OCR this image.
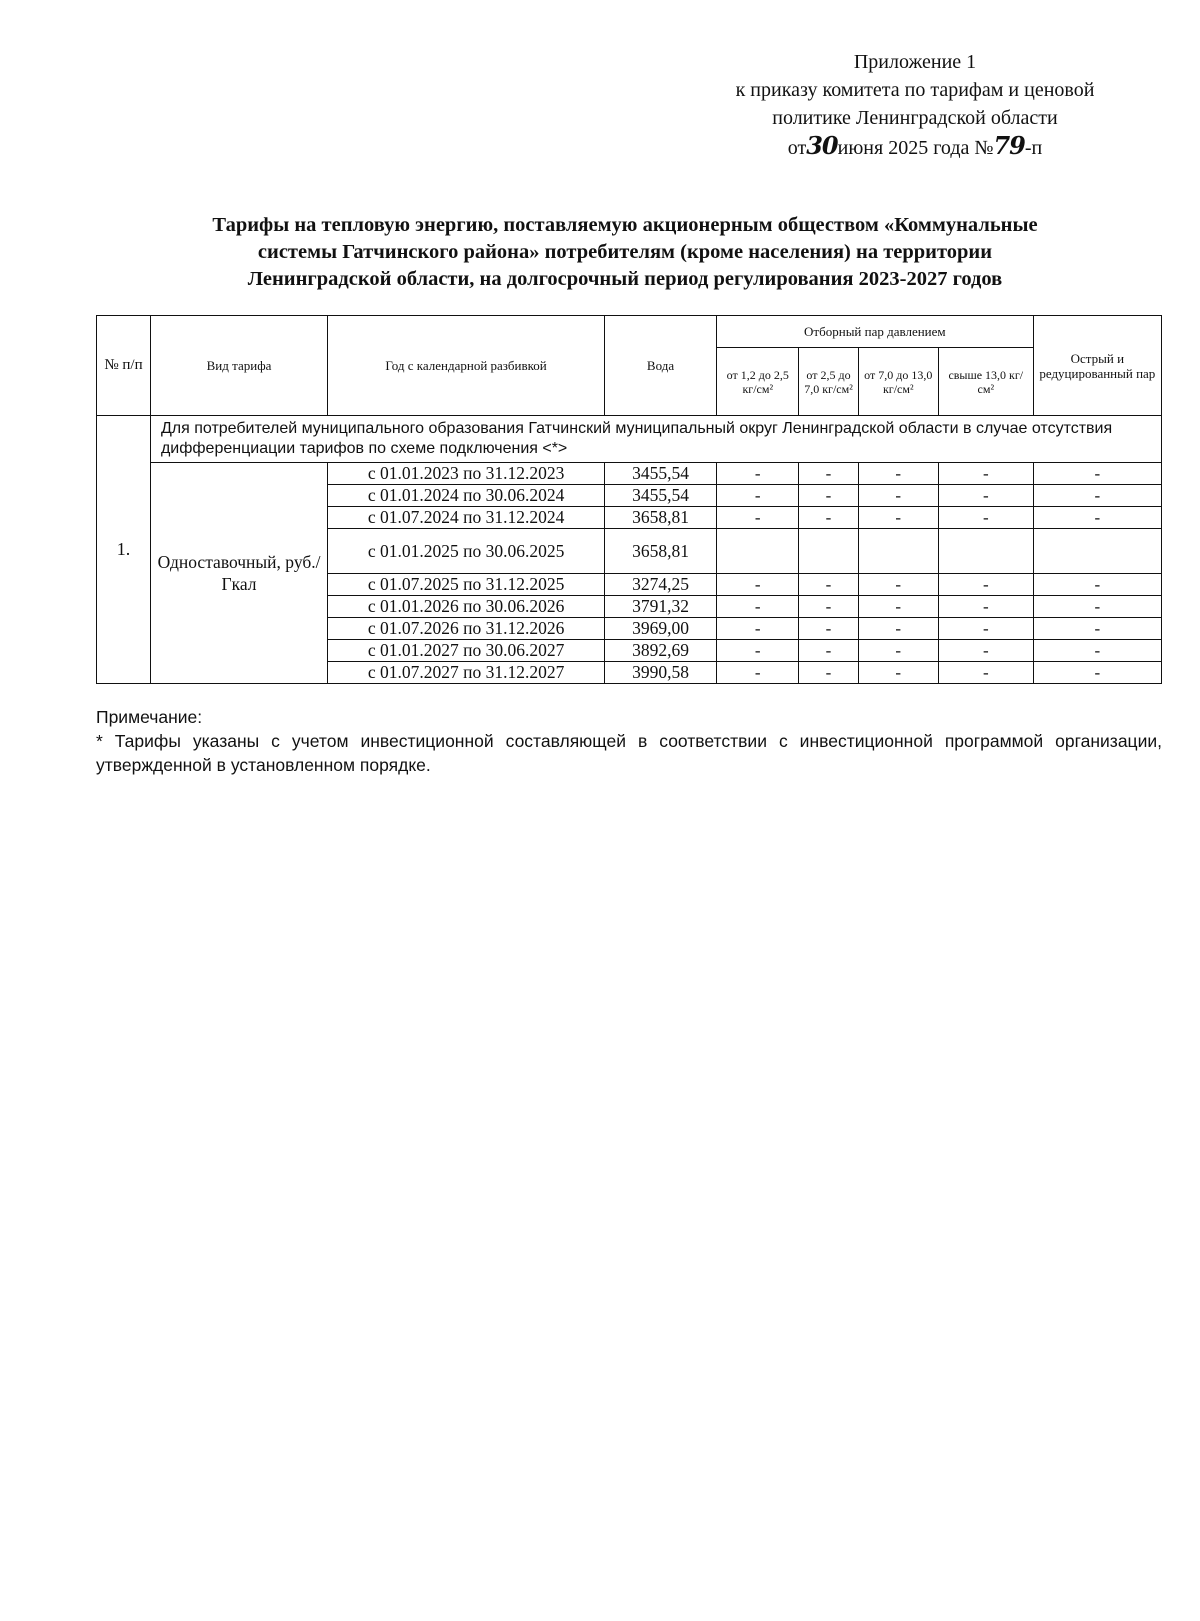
Приложение 1
к приказу комитета по тарифам и ценовой
политике Ленинградской области
от30июня 2025 года №79-п
Тарифы на тепловую энергию, поставляемую акционерным обществом «Коммунальные
системы Гатчинского района» потребителям (кроме населения) на территории
Ленинградской области, на долгосрочный период регулирования 2023-2027 годов
№ п/п	Вид тарифа	Год с календарной разбивкой	Вода	Отборный пар давлением				Острый и редуцированный пар
				от 1,2 до 2,5 кг/см²	от 2,5 до 7,0 кг/см²	от 7,0 до 13,0 кг/см²	свыше 13,0 кг/см²	
1.	Для потребителей муниципального образования Гатчинский муниципальный округ Ленинградской области в случае отсутствия дифференциации тарифов по схеме подключения <*>							
	Одноставочный, руб./Гкал	с 01.01.2023 по 31.12.2023	3455,54	-	-	-	-	-
		с 01.01.2024 по 30.06.2024	3455,54	-	-	-	-	-
		с 01.07.2024 по 31.12.2024	3658,81	-	-	-	-	-
		с 01.01.2025 по 30.06.2025	3658,81					
		с 01.07.2025 по 31.12.2025	3274,25	-	-	-	-	-
		с 01.01.2026 по 30.06.2026	3791,32	-	-	-	-	-
		с 01.07.2026 по 31.12.2026	3969,00	-	-	-	-	-
		с 01.01.2027 по 30.06.2027	3892,69	-	-	-	-	-
		с 01.07.2027 по 31.12.2027	3990,58	-	-	-	-	-
Примечание:
* Тарифы указаны с учетом инвестиционной составляющей в соответствии с инвестиционной программой организации, утвержденной в установленном порядке.
